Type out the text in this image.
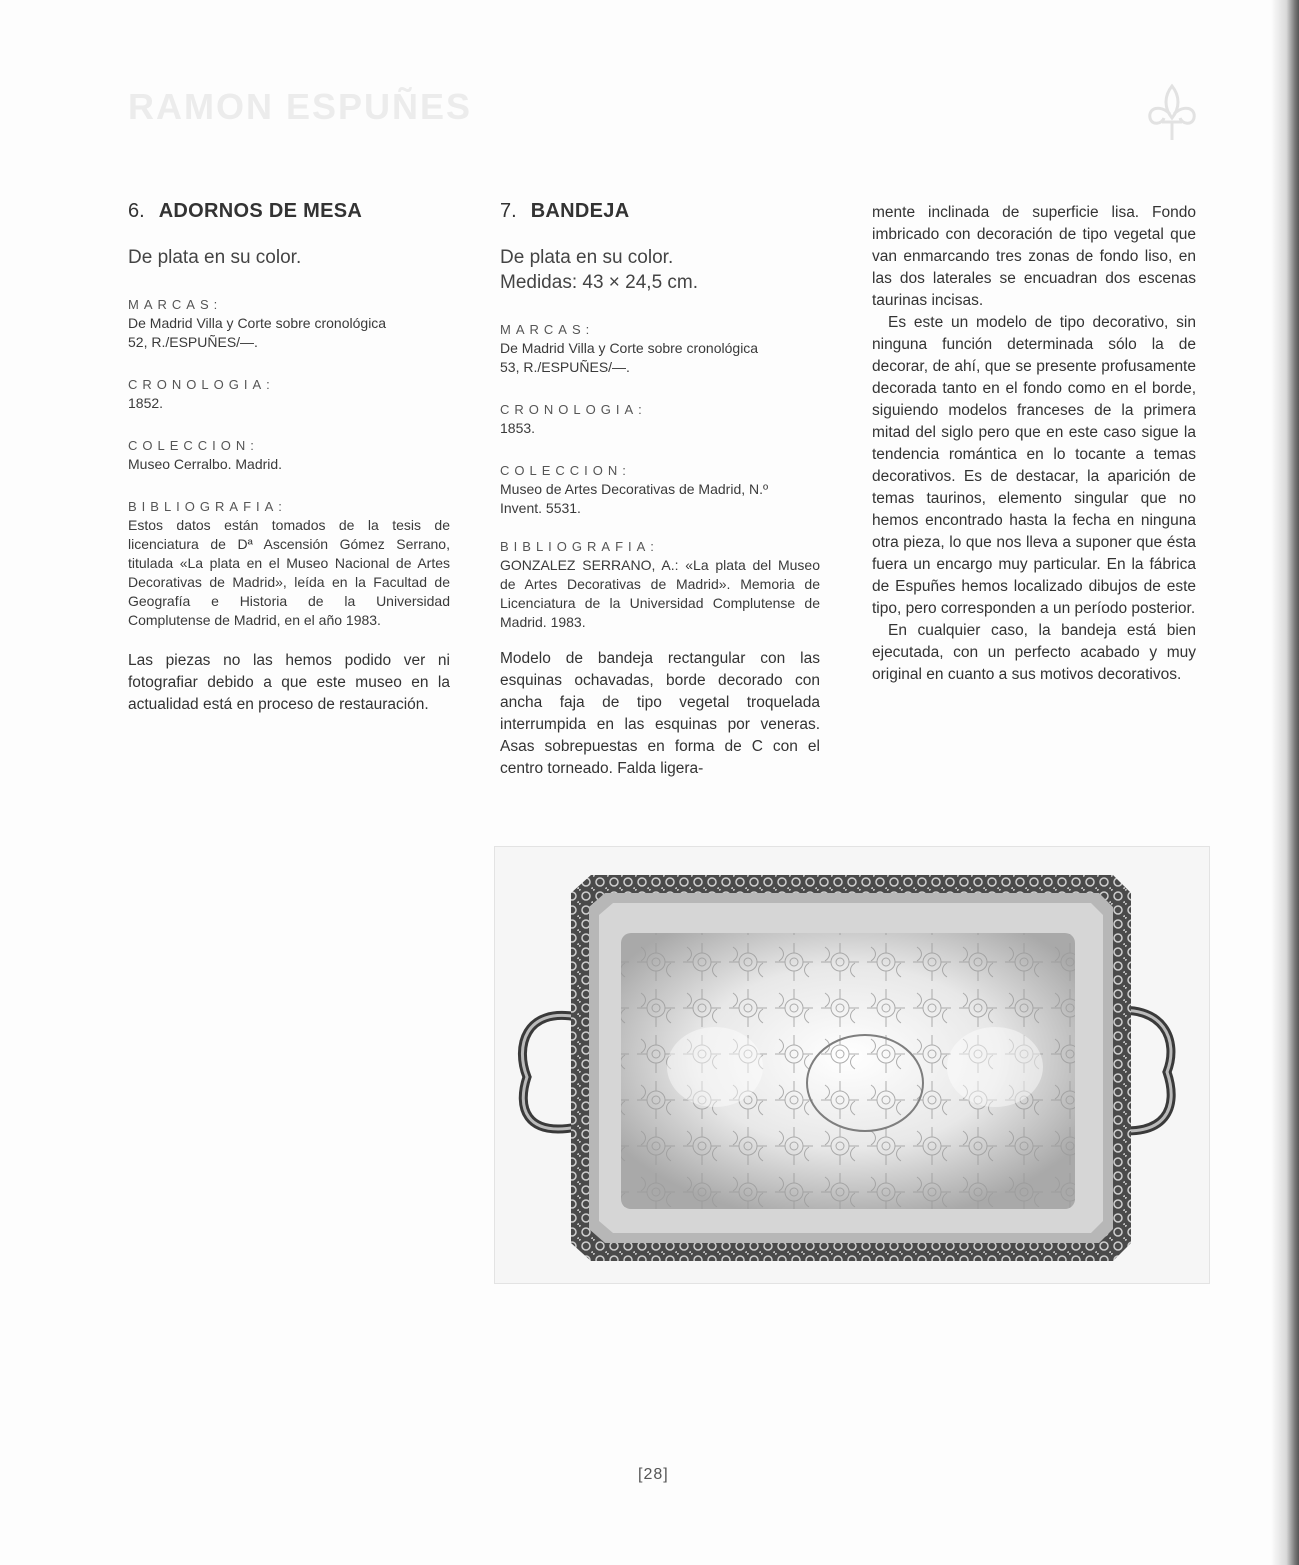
RAMON ESPUÑES
6. ADORNOS DE MESA

De plata en su color.

MARCAS:

De Madrid Villa y Corte sobre cronológica

52, R./ESPUÑES/—.

CRONOLOGIA:

1852.

COLECCION:

Museo Cerralbo. Madrid.

BIBLIOGRAFIA:

Estos datos están tomados de la tesis de licenciatura de Dª Ascensión Gómez Serrano, titulada «La plata en el Museo Nacional de Artes Decorativas de Madrid», leída en la Facultad de Geografía e Historia de la Universidad Complutense de Madrid, en el año 1983.

Las piezas no las hemos podido ver ni fotografiar debido a que este museo en la actualidad está en proceso de restauración.

7. BANDEJA

De plata en su color.

Medidas: 43 × 24,5 cm.

MARCAS:

De Madrid Villa y Corte sobre cronológica

53, R./ESPUÑES/—.

CRONOLOGIA:

1853.

COLECCION:

Museo de Artes Decorativas de Madrid, N.º

Invent. 5531.

BIBLIOGRAFIA:

GONZALEZ SERRANO, A.: «La plata del Museo de Artes Decorativas de Madrid». Memoria de Licenciatura de la Universidad Complutense de Madrid. 1983.

Modelo de bandeja rectangular con las esquinas ochavadas, borde decorado con ancha faja de tipo vegetal troquelada interrumpida en las esquinas por veneras. Asas sobrepuestas en forma de C con el centro torneado. Falda ligera-

mente inclinada de superficie lisa. Fondo imbricado con decoración de tipo vegetal que van enmarcando tres zonas de fondo liso, en las dos laterales se encuadran dos escenas taurinas incisas.

Es este un modelo de tipo decorativo, sin ninguna función determinada sólo la de decorar, de ahí, que se presente profusamente decorada tanto en el fondo como en el borde, siguiendo modelos franceses de la primera mitad del siglo pero que en este caso sigue la tendencia romántica en lo tocante a temas decorativos. Es de destacar, la aparición de temas taurinos, elemento singular que no hemos encontrado hasta la fecha en ninguna otra pieza, lo que nos lleva a suponer que ésta fuera un encargo muy particular. En la fábrica de Espuñes hemos localizado dibujos de este tipo, pero corresponden a un período posterior.

En cualquier caso, la bandeja está bien ejecutada, con un perfecto acabado y muy original en cuanto a sus motivos decorativos.

[28]
